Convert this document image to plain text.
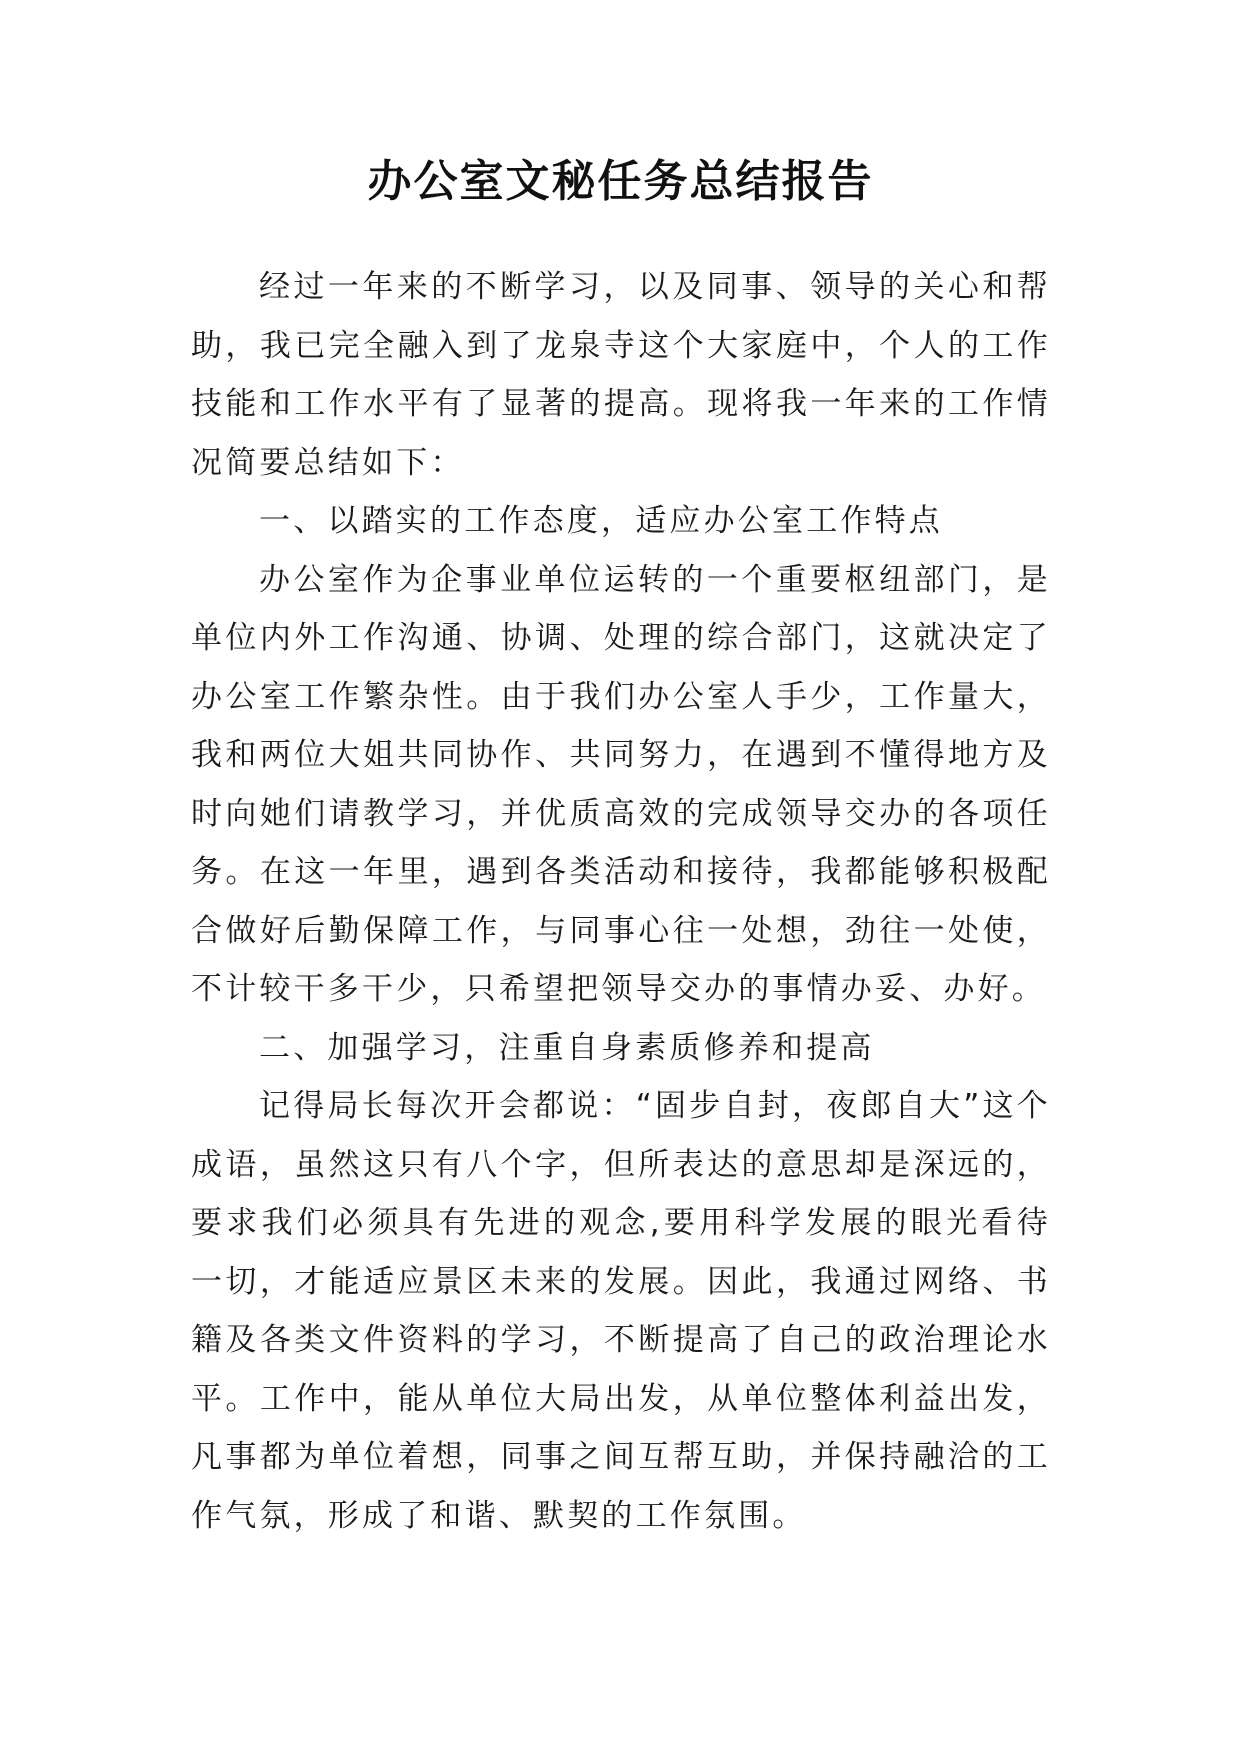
办公室文秘任务总结报告

经过一年来的不断学习，以及同事、领导的关心和帮助，我已完全融入到了龙泉寺这个大家庭中，个人的工作技能和工作水平有了显著的提高。现将我一年来的工作情况简要总结如下：

一、以踏实的工作态度，适应办公室工作特点

办公室作为企事业单位运转的一个重要枢纽部门，是单位内外工作沟通、协调、处理的综合部门，这就决定了办公室工作繁杂性。由于我们办公室人手少，工作量大，我和两位大姐共同协作、共同努力，在遇到不懂得地方及时向她们请教学习，并优质高效的完成领导交办的各项任务。在这一年里，遇到各类活动和接待，我都能够积极配合做好后勤保障工作，与同事心往一处想，劲往一处使，不计较干多干少，只希望把领导交办的事情办妥、办好。

二、加强学习，注重自身素质修养和提高

记得局长每次开会都说：“固步自封，夜郎自大”这个成语，虽然这只有八个字，但所表达的意思却是深远的，要求我们必须具有先进的观念,要用科学发展的眼光看待一切，才能适应景区未来的发展。因此，我通过网络、书籍及各类文件资料的学习，不断提高了自己的政治理论水平。工作中，能从单位大局出发，从单位整体利益出发，凡事都为单位着想，同事之间互帮互助，并保持融洽的工作气氛，形成了和谐、默契的工作氛围。
